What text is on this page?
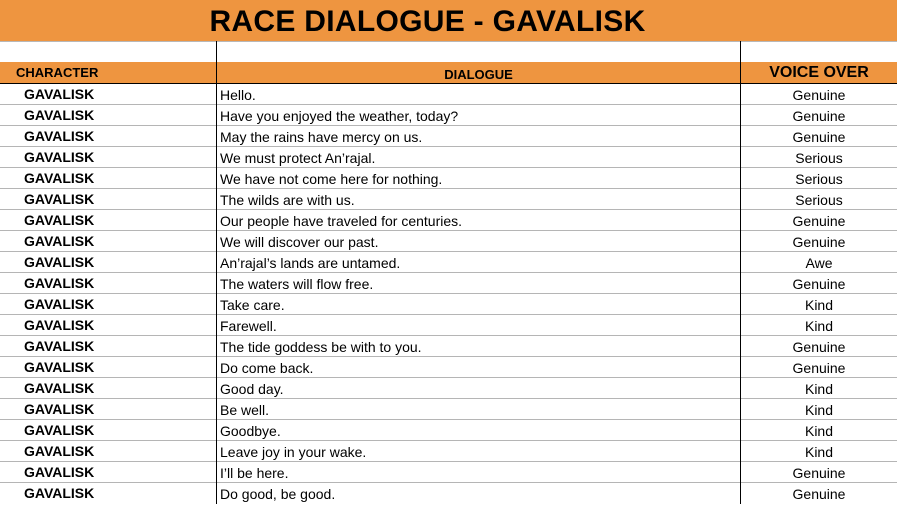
RACE DIALOGUE - GAVALISK
CHARACTER	DIALOGUE	VOICE OVER
GAVALISK	Hello.	Genuine
GAVALISK	Have you enjoyed the weather, today?	Genuine
GAVALISK	May the rains have mercy on us.	Genuine
GAVALISK	We must protect An’rajal.	Serious
GAVALISK	We have not come here for nothing.	Serious
GAVALISK	The wilds are with us.	Serious
GAVALISK	Our people have traveled for centuries.	Genuine
GAVALISK	We will discover our past.	Genuine
GAVALISK	An’rajal’s lands are untamed.	Awe
GAVALISK	The waters will flow free.	Genuine
GAVALISK	Take care.	Kind
GAVALISK	Farewell.	Kind
GAVALISK	The tide goddess be with to you.	Genuine
GAVALISK	Do come back.	Genuine
GAVALISK	Good day.	Kind
GAVALISK	Be well.	Kind
GAVALISK	Goodbye.	Kind
GAVALISK	Leave joy in your wake.	Kind
GAVALISK	I’ll be here.	Genuine
GAVALISK	Do good, be good.	Genuine
